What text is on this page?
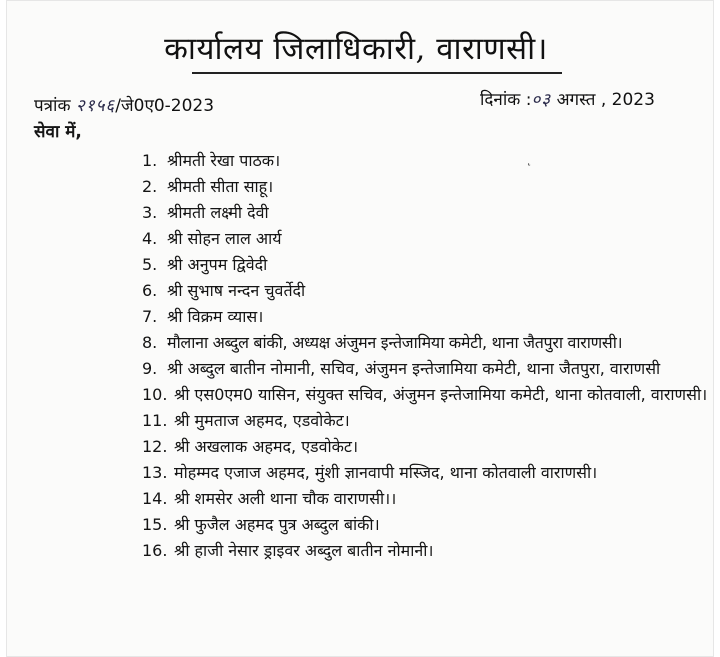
कार्यालय जिलाधिकारी, वाराणसी।
पत्रांक २१५६/जे0ए0-2023	दिनांक :०३ अगस्त , 2023
सेवा में,
˛
1. श्रीमती रेखा पाठक।
2. श्रीमती सीता साहू।
3. श्रीमती लक्ष्मी देवी
4. श्री सोहन लाल आर्य
5. श्री अनुपम द्विवेदी
6. श्री सुभाष नन्दन चुवर्तेदी
7. श्री विक्रम व्यास।
8. मौलाना अब्दुल बांकी, अध्यक्ष अंजुमन इन्तेजामिया कमेटी, थाना जैतपुरा वाराणसी।
9. श्री अब्दुल बातीन नोमानी, सचिव, अंजुमन इन्तेजामिया कमेटी, थाना जैतपुरा, वाराणसी
10. श्री एस0एम0 यासिन, संयुक्त सचिव, अंजुमन इन्तेजामिया कमेटी, थाना कोतवाली, वाराणसी।
11. श्री मुमताज अहमद, एडवोकेट।
12. श्री अखलाक अहमद, एडवोकेट।
13. मोहम्मद एजाज अहमद, मुंशी ज्ञानवापी मस्जिद, थाना कोतवाली वाराणसी।
14. श्री शमसेर अली थाना चौक वाराणसी।।
15. श्री फुजैल अहमद पुत्र अब्दुल बांकी।
16. श्री हाजी नेसार ड्राइवर अब्दुल बातीन नोमानी।
